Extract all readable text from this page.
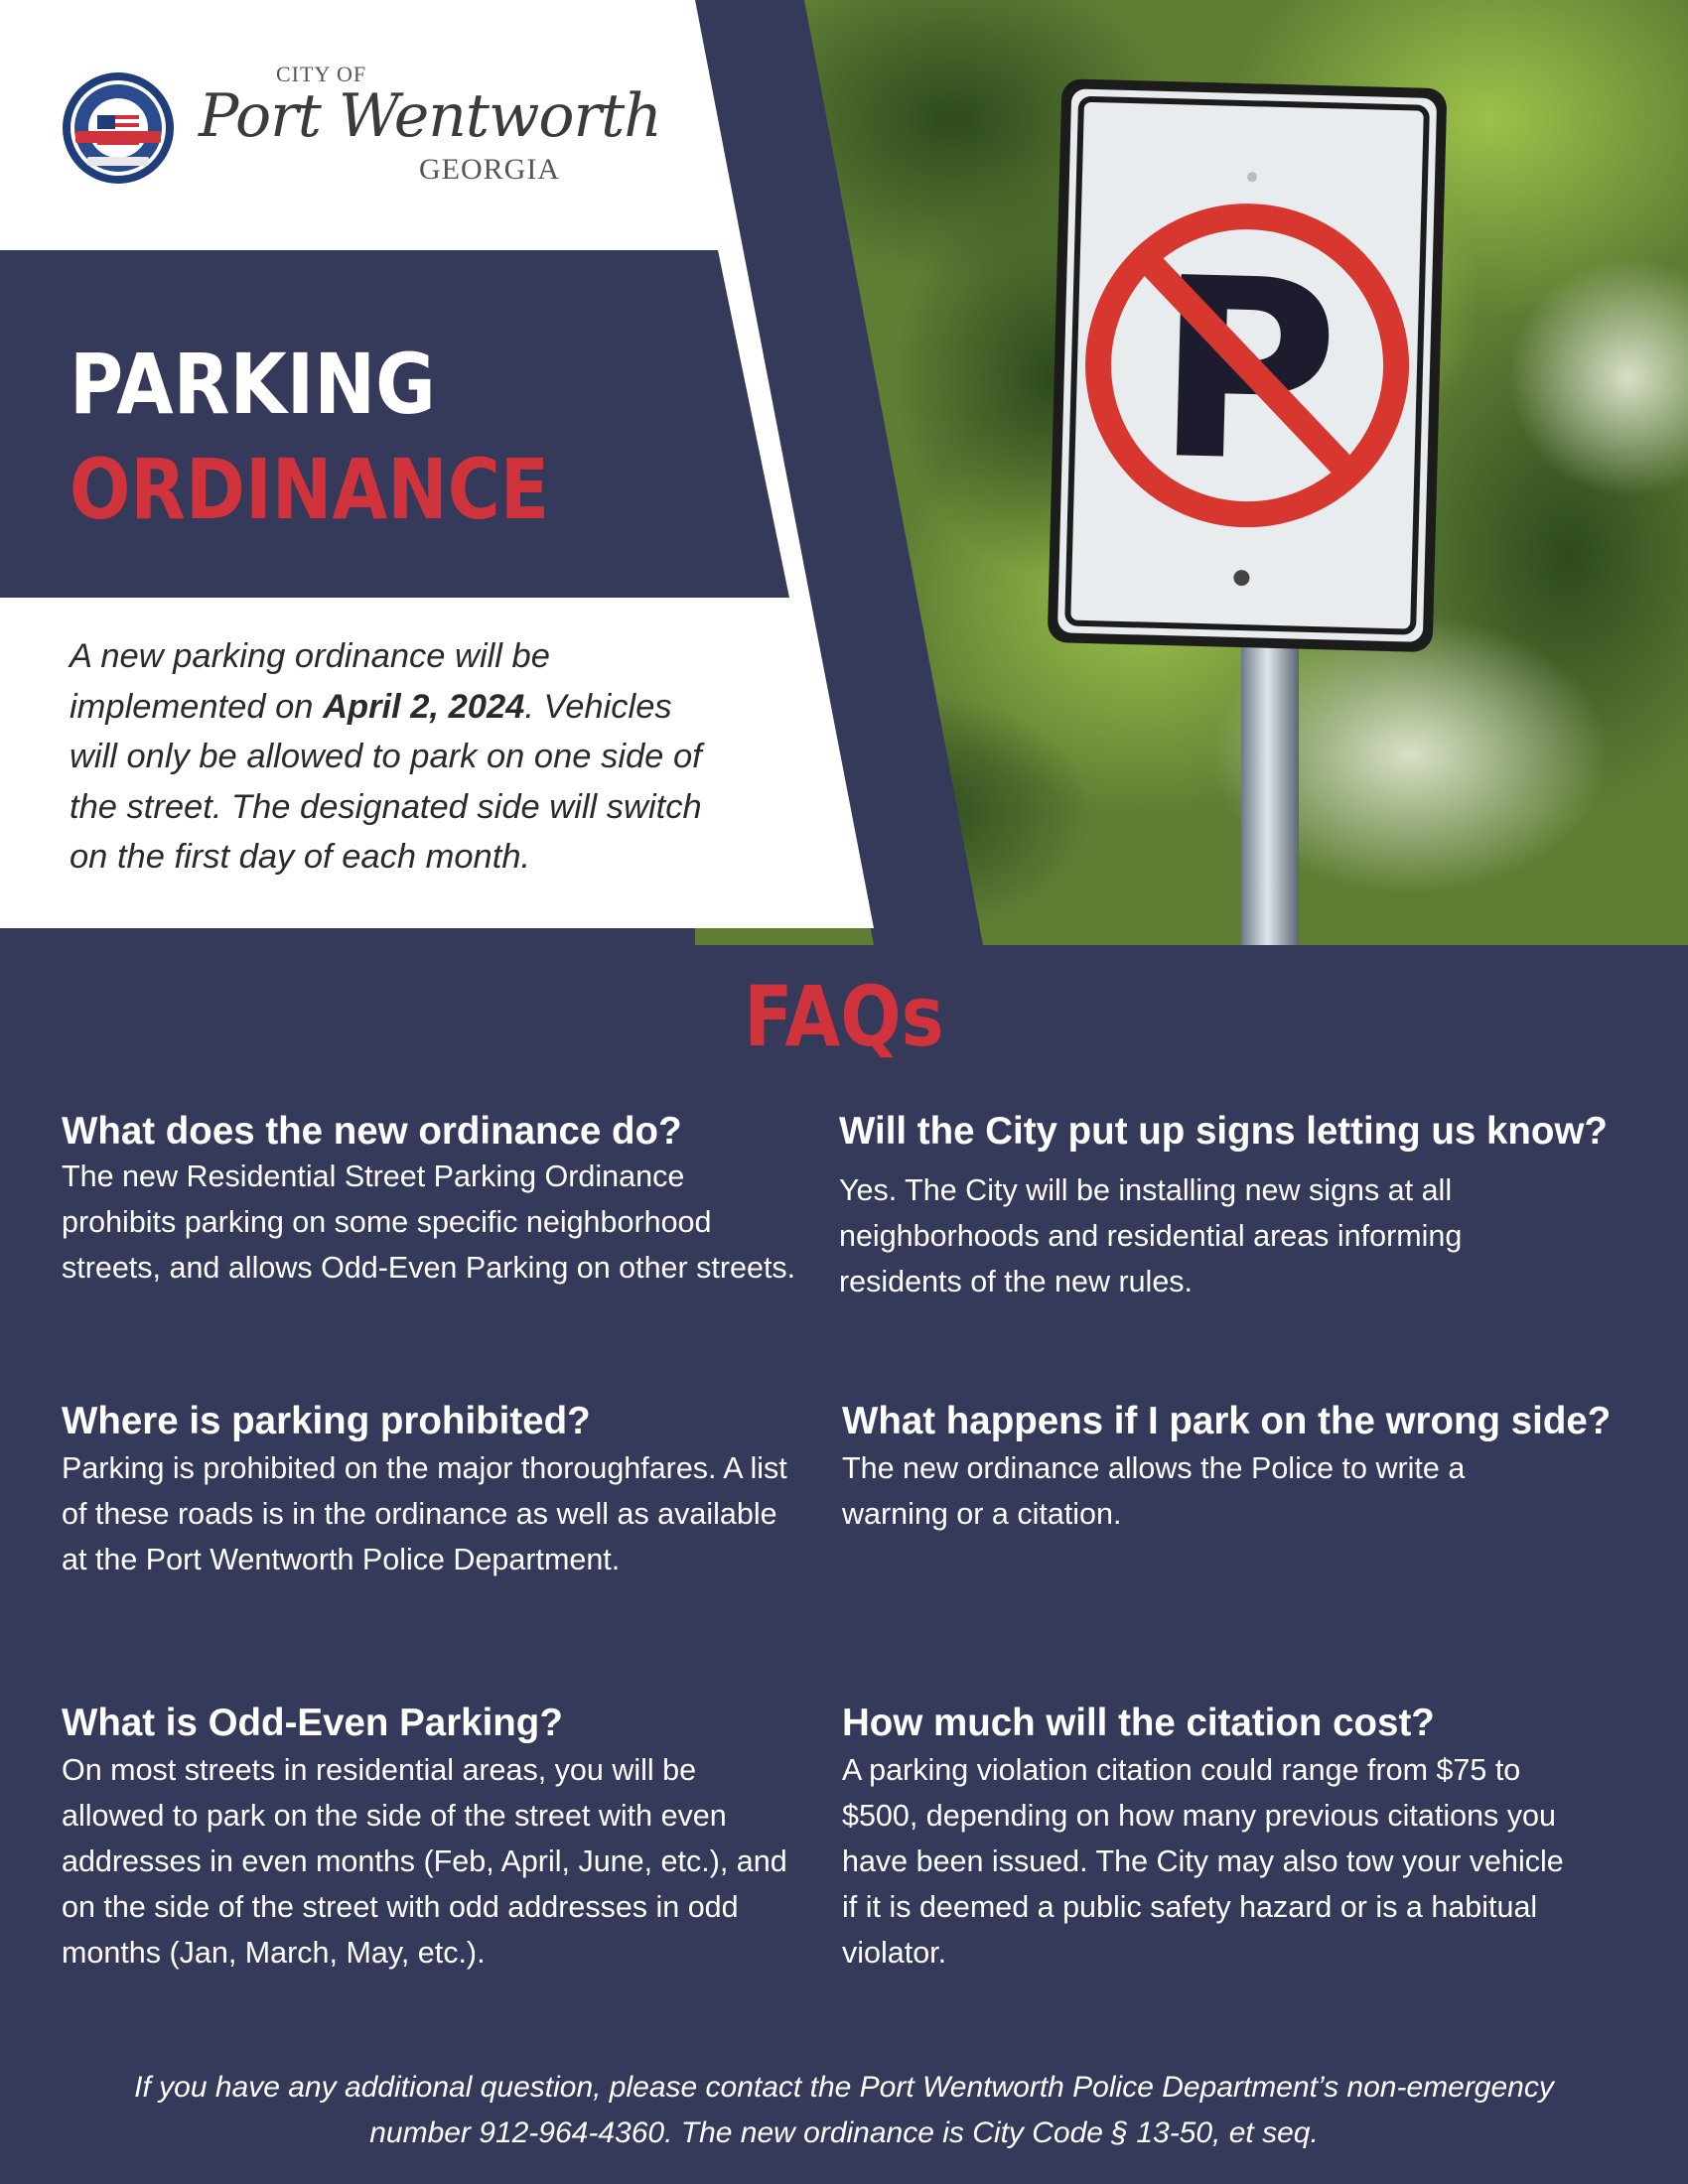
CITY OF
Port Wentworth
GEORGIA
PARKING
ORDINANCE
A new parking ordinance will be implemented on April 2, 2024. Vehicles will only be allowed to park on one side of the street. The designated side will switch on the first day of each month.
FAQs
What does the new ordinance do?

The new Residential Street Parking Ordinance prohibits parking on some specific neighborhood streets, and allows Odd-Even Parking on other streets.

Will the City put up signs letting us know?

Yes. The City will be installing new signs at all neighborhoods and residential areas informing residents of the new rules.

Where is parking prohibited?

Parking is prohibited on the major thoroughfares. A list of these roads is in the ordinance as well as available at the Port Wentworth Police Department.

What happens if I park on the wrong side?

The new ordinance allows the Police to write a warning or a citation.

What is Odd-Even Parking?

On most streets in residential areas, you will be allowed to park on the side of the street with even addresses in even months (Feb, April, June, etc.), and on the side of the street with odd addresses in odd months (Jan, March, May, etc.).

How much will the citation cost?

A parking violation citation could range from $75 to $500, depending on how many previous citations you have been issued. The City may also tow your vehicle if it is deemed a public safety hazard or is a habitual violator.

If you have any additional question, please contact the Port Wentworth Police Department’s non-emergency number 912-964-4360. The new ordinance is City Code § 13-50, et seq.
